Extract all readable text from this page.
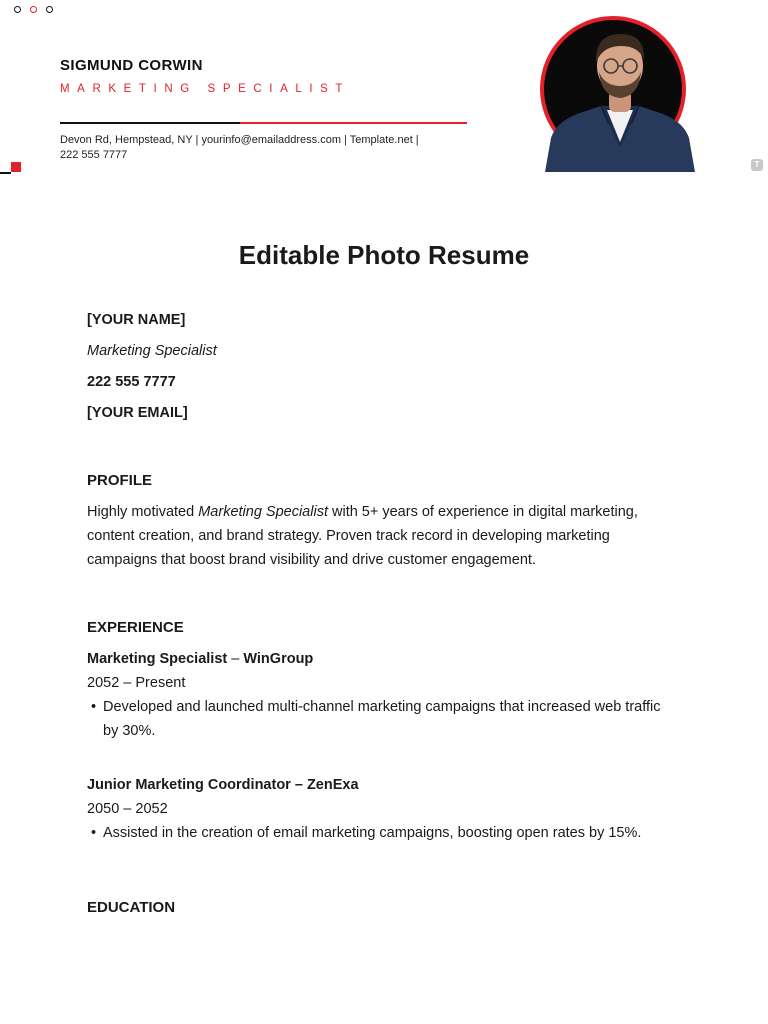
SIGMUND CORWIN
MARKETING SPECIALIST
Devon Rd, Hempstead, NY | yourinfo@emailaddress.com | Template.net | 222 555 7777
T
Editable Photo Resume
[YOUR NAME]
Marketing Specialist
222 555 7777
[YOUR EMAIL]
PROFILE
Highly motivated Marketing Specialist with 5+ years of experience in digital marketing, content creation, and brand strategy. Proven track record in developing marketing campaigns that boost brand visibility and drive customer engagement.
EXPERIENCE
Marketing Specialist – WinGroup
2052 – Present
• Developed and launched multi-channel marketing campaigns that increased web traffic by 30%.
Junior Marketing Coordinator – ZenExa
2050 – 2052
• Assisted in the creation of email marketing campaigns, boosting open rates by 15%.
EDUCATION
